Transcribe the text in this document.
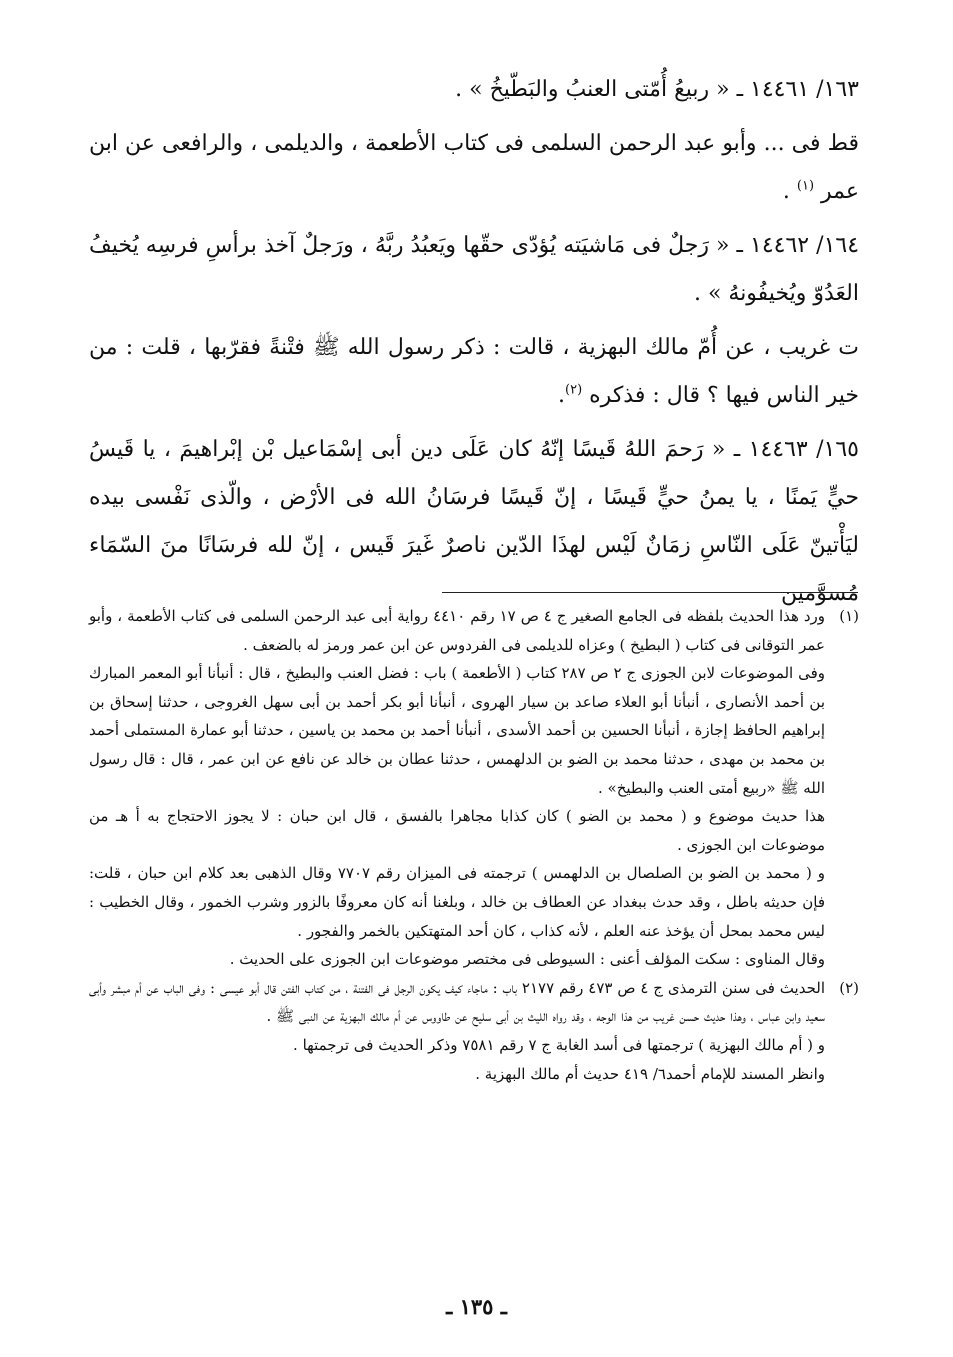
١٦٣/ ١٤٤٦١ ـ « ربيعُ أُمّتى العنبُ والبَطّيخُ » .

قط فى ... وأبو عبد الرحمن السلمى فى كتاب الأطعمة ، والديلمى ، والرافعى عن ابن عمر $^{(١)}$ .

١٦٤/ ١٤٤٦٢ ـ « رَجلٌ فى مَاشيَته يُؤدّى حقّها ويَعبُدُ ربَّهُ ، ورَجلٌ آخذ برأسِ فرسِه يُخيفُ العَدُوّ ويُخيفُونهُ » .

ت غريب ، عن أُمّ مالك البهزية ، قالت : ذكر رسول الله ﷺ فتْنةً فقرّبها ، قلت : من خير الناس فيها ؟ قال : فذكره $^{(٢)}$.

١٦٥/ ١٤٤٦٣ ـ « رَحمَ اللهُ قَيسًا إنّهُ كان عَلَى دين أبى إسْمَاعيل بْن إبْراهيمَ ، يا قَيسُ حيٍّ يَمنًا ، يا يمنُ حيٍّ قَيسًا ، إنّ قَيسًا فرسَانُ الله فى الأرْض ، والّذى نَفْسى بيده ليَأْتينّ عَلَى النّاسِ زمَانٌ لَيْس لهذَا الدّين ناصرٌ غَيرَ قَيس ، إنّ لله فرسَانًا منَ السّمَاء مُسوَّمين

(١)

ورد هذا الحديث بلفظه فى الجامع الصغير ج ٤ ص ١٧ رقم ٤٤١٠ رواية أبى عبد الرحمن السلمى فى كتاب الأطعمة ، وأبو عمر التوقانى فى كتاب ( البطيخ ) وعزاه للديلمى فى الفردوس عن ابن عمر ورمز له بالضعف .

وفى الموضوعات لابن الجوزى ج ٢ ص ٢٨٧ كتاب ( الأطعمة ) باب : فضل العنب والبطيخ ، قال : أنبأنا أبو المعمر المبارك بن أحمد الأنصارى ، أنبأنا أبو العلاء صاعد بن سيار الهروى ، أنبأنا أبو بكر أحمد بن أبى سهل الغروجى ، حدثنا إسحاق بن إبراهيم الحافظ إجازة ، أنبأنا الحسين بن أحمد الأسدى ، أنبأنا أحمد بن محمد بن ياسين ، حدثنا أبو عمارة المستملى أحمد بن محمد بن مهدى ، حدثنا محمد بن الضو بن الدلهمس ، حدثنا عطان بن خالد عن نافع عن ابن عمر ، قال : قال رسول الله ﷺ «ربيع أمتى العنب والبطيخ» .

هذا حديث موضوع و ( محمد بن الضو ) كان كذابا مجاهرا بالفسق ، قال ابن حبان : لا يجوز الاحتجاج به أ هـ من موضوعات ابن الجوزى .

و ( محمد بن الضو بن الصلصال بن الدلهمس ) ترجمته فى الميزان رقم ٧٧٠٧ وقال الذهبى بعد كلام ابن حبان ، قلت: فإن حديثه باطل ، وقد حدث ببغداد عن العطاف بن خالد ، وبلغنا أنه كان معروفًا بالزور وشرب الخمور ، وقال الخطيب : ليس محمد بمحل أن يؤخذ عنه العلم ، لأنه كذاب ، كان أحد المتهتكين بالخمر والفجور .

وقال المناوى : سكت المؤلف أعنى : السيوطى فى مختصر موضوعات ابن الجوزى على الحديث .

(٢)

الحديث فى سنن الترمذى ج ٤ ص ٤٧٣ رقم ٢١٧٧ باب : ماجاء كيف يكون الرجل فى الفتنة ، من كتاب الفتن قال أبو عيسى : وفى الباب عن أم مبشر وأبى سعيد وابن عباس ، وهذا حديث حسن غريب من هذا الوجه ، وقد رواه الليث بن أبى سليح عن طاووس عن أم مالك البهزية عن النبى ﷺ .

و ( أم مالك البهزية ) ترجمتها فى أسد الغابة ج ٧ رقم ٧٥٨١ وذكر الحديث فى ترجمتها .

وانظر المسند للإمام أحمد٦/ ٤١٩ حديث أم مالك البهزية .

ـ ١٣٥ ـ
